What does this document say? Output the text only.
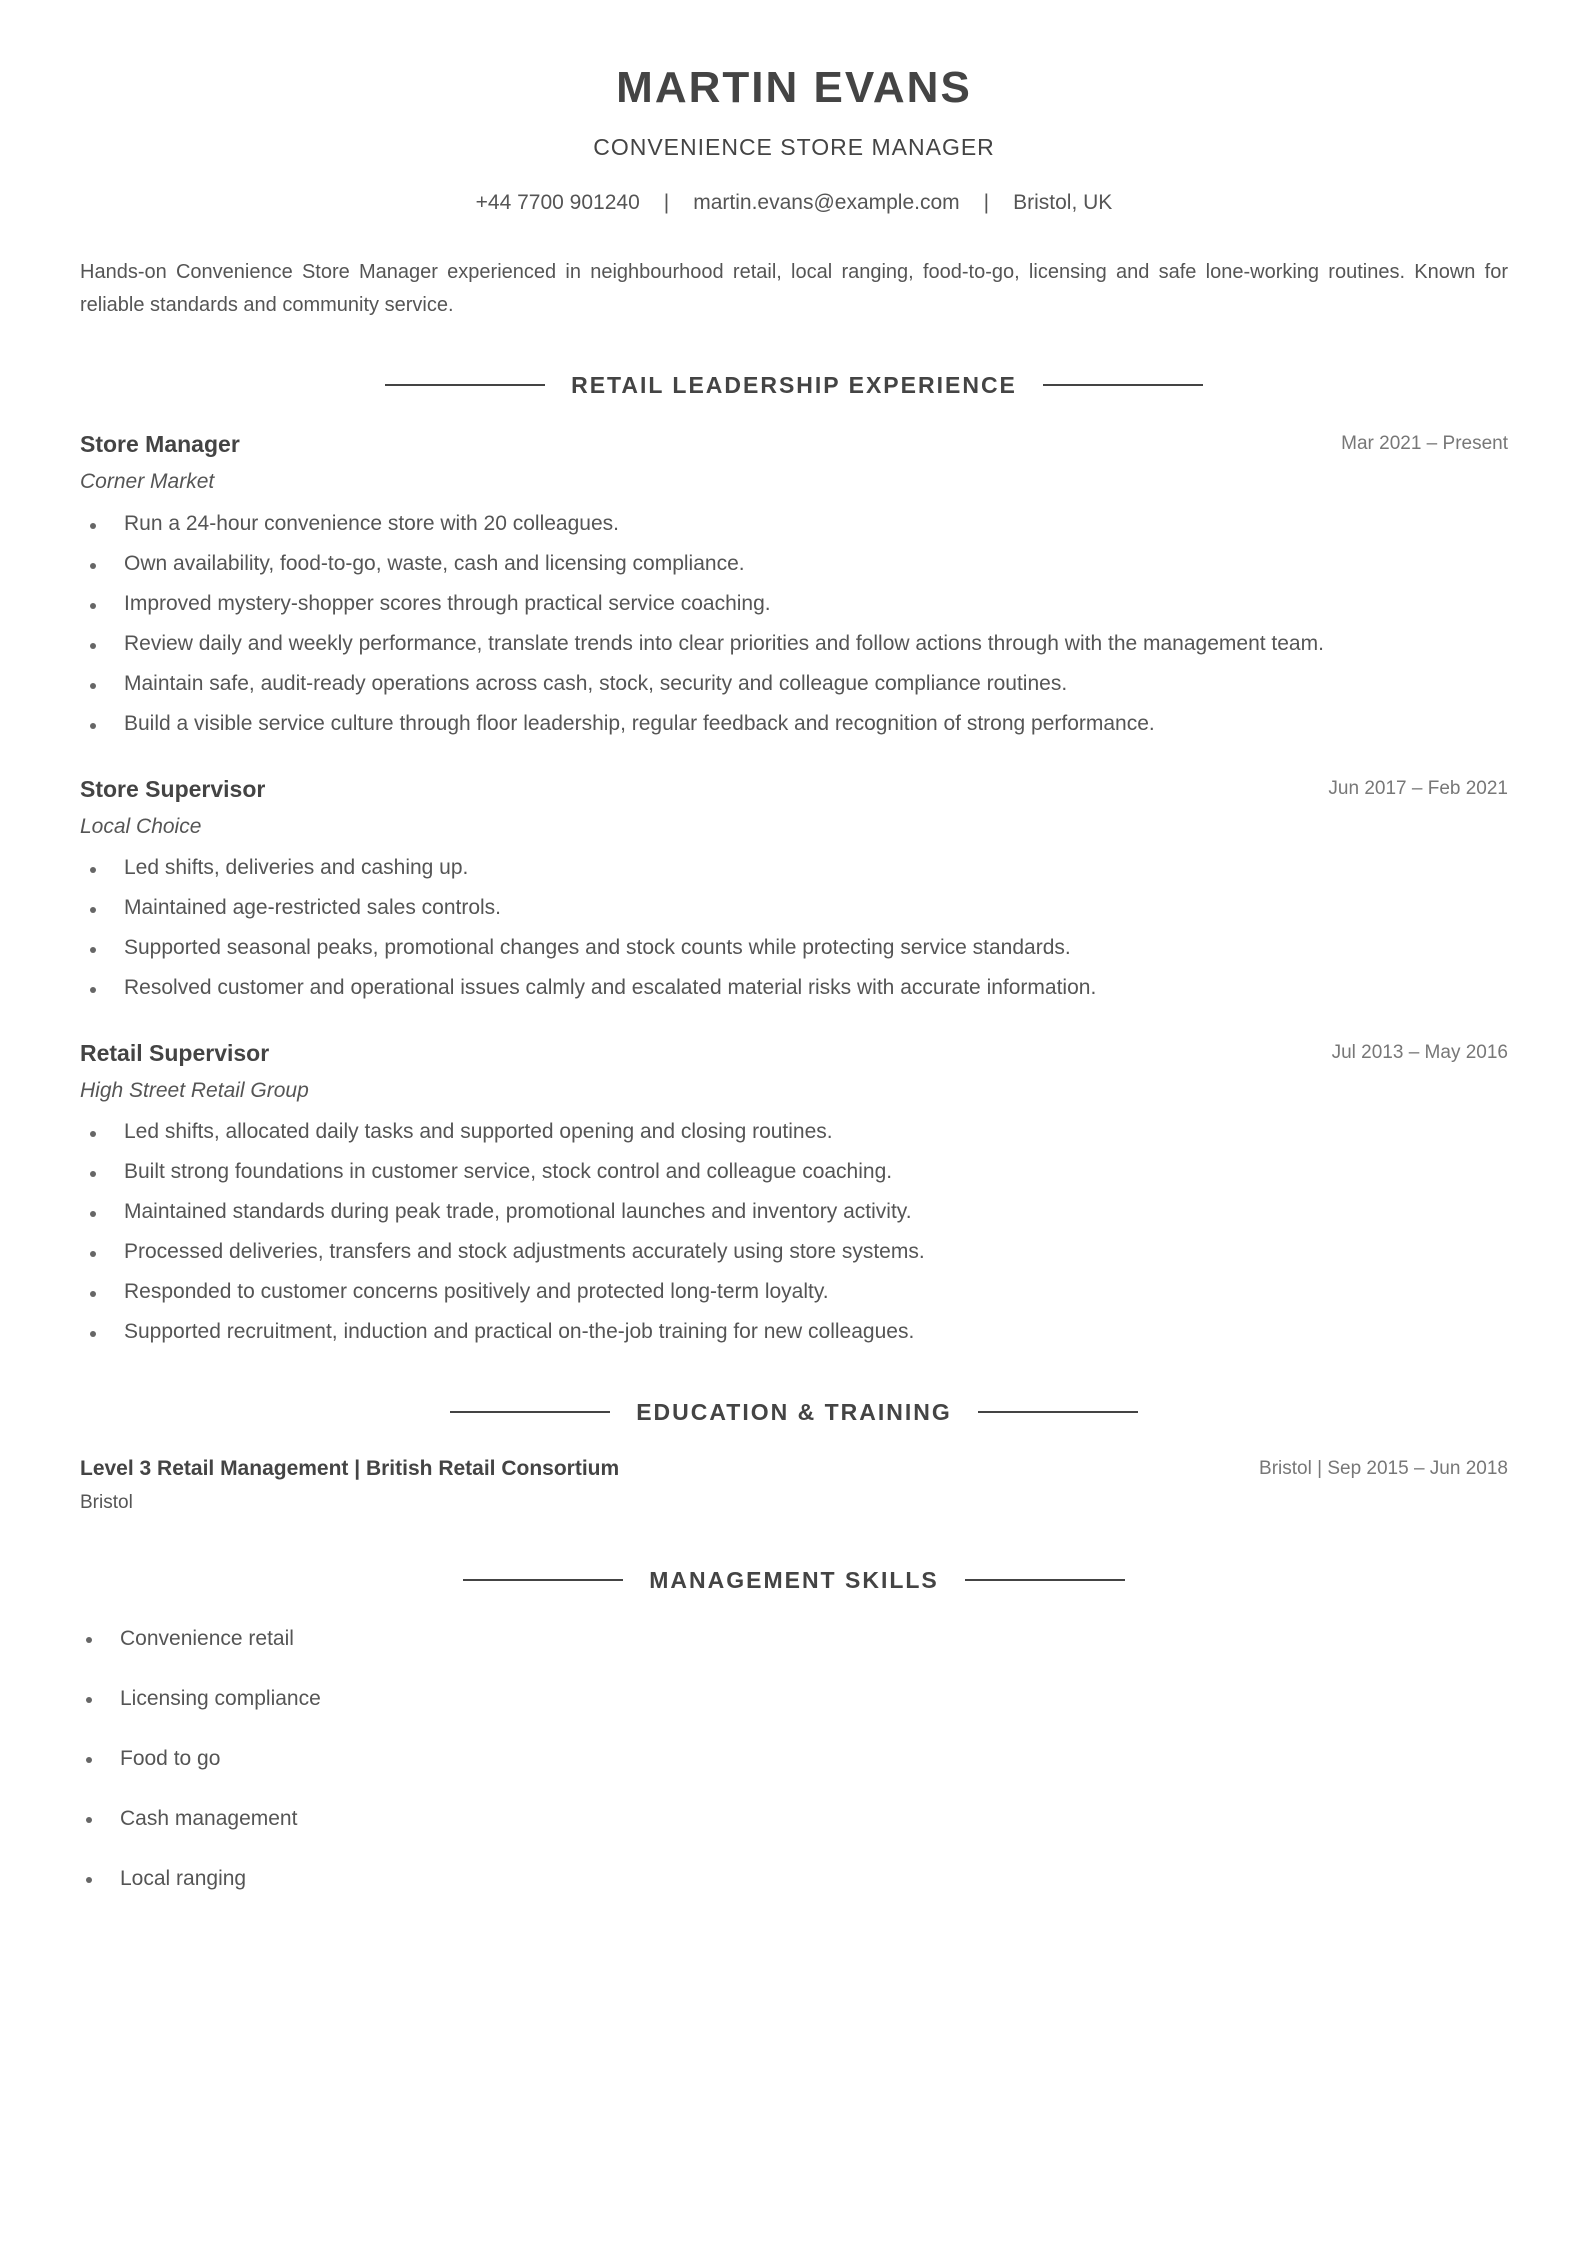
MARTIN EVANS
CONVENIENCE STORE MANAGER
+44 7700 901240 | martin.evans@example.com | Bristol, UK
Hands-on Convenience Store Manager experienced in neighbourhood retail, local ranging, food-to-go, licensing and safe lone-working routines. Known for reliable standards and community service.
RETAIL LEADERSHIP EXPERIENCE
Store Manager	Mar 2021 – Present
Corner Market
Run a 24-hour convenience store with 20 colleagues.
Own availability, food-to-go, waste, cash and licensing compliance.
Improved mystery-shopper scores through practical service coaching.
Review daily and weekly performance, translate trends into clear priorities and follow actions through with the management team.
Maintain safe, audit-ready operations across cash, stock, security and colleague compliance routines.
Build a visible service culture through floor leadership, regular feedback and recognition of strong performance.
Store Supervisor	Jun 2017 – Feb 2021
Local Choice
Led shifts, deliveries and cashing up.
Maintained age-restricted sales controls.
Supported seasonal peaks, promotional changes and stock counts while protecting service standards.
Resolved customer and operational issues calmly and escalated material risks with accurate information.
Retail Supervisor	Jul 2013 – May 2016
High Street Retail Group
Led shifts, allocated daily tasks and supported opening and closing routines.
Built strong foundations in customer service, stock control and colleague coaching.
Maintained standards during peak trade, promotional launches and inventory activity.
Processed deliveries, transfers and stock adjustments accurately using store systems.
Responded to customer concerns positively and protected long-term loyalty.
Supported recruitment, induction and practical on-the-job training for new colleagues.
EDUCATION & TRAINING
Level 3 Retail Management | British Retail Consortium	Bristol | Sep 2015 – Jun 2018
Bristol
MANAGEMENT SKILLS
Convenience retail
Licensing compliance
Food to go
Cash management
Local ranging
